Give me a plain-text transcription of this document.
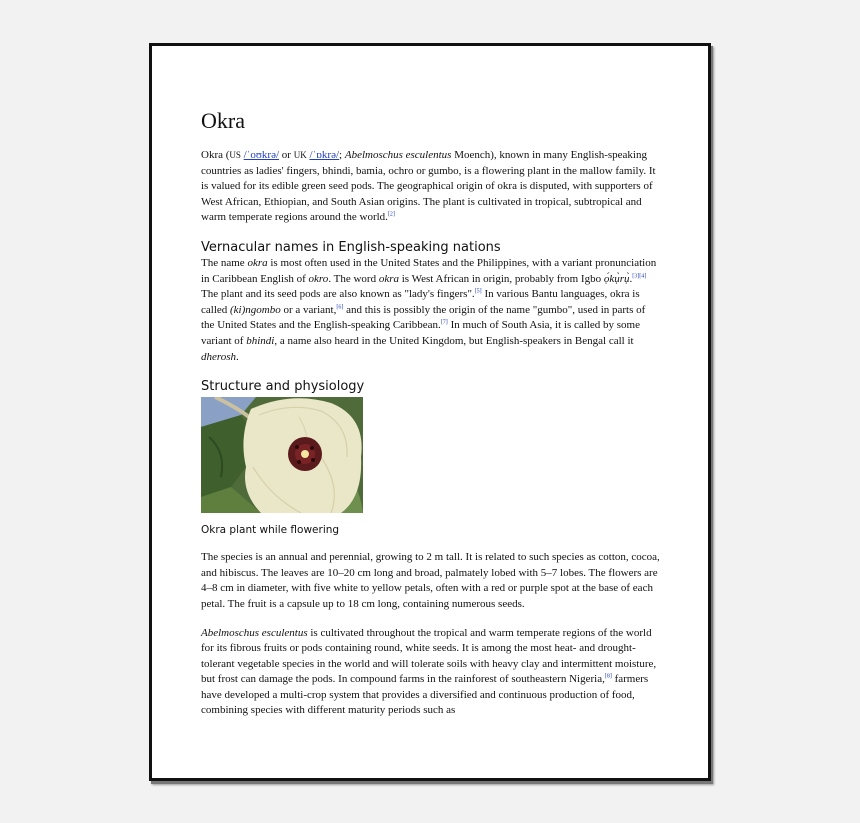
Okra

Okra (US /ˈoʊkrə/ or UK /ˈɒkrə/; Abelmoschus esculentus Moench), known in many English-speaking countries as ladies' fingers, bhindi, bamia, ochro or gumbo, is a flowering plant in the mallow family. It is valued for its edible green seed pods. The geographical origin of okra is disputed, with supporters of West African, Ethiopian, and South Asian origins. The plant is cultivated in tropical, subtropical and warm temperate regions around the world.[2]

Vernacular names in English-speaking nations

The name okra is most often used in the United States and the Philippines, with a variant pronunciation in Caribbean English of okro. The word okra is West African in origin, probably from Igbo ọ́kụ̀rụ̀.[3][4] The plant and its seed pods are also known as "lady's fingers".[5] In various Bantu languages, okra is called (ki)ngombo or a variant,[6] and this is possibly the origin of the name "gumbo", used in parts of the United States and the English-speaking Caribbean.[7] In much of South Asia, it is called by some variant of bhindi, a name also heard in the United Kingdom, but English-speakers in Bengal call it dherosh.

Structure and physiology
Okra plant while flowering

The species is an annual and perennial, growing to 2 m tall. It is related to such species as cotton, cocoa, and hibiscus. The leaves are 10–20 cm long and broad, palmately lobed with 5–7 lobes. The flowers are 4–8 cm in diameter, with five white to yellow petals, often with a red or purple spot at the base of each petal. The fruit is a capsule up to 18 cm long, containing numerous seeds.

Abelmoschus esculentus is cultivated throughout the tropical and warm temperate regions of the world for its fibrous fruits or pods containing round, white seeds. It is among the most heat- and drought-tolerant vegetable species in the world and will tolerate soils with heavy clay and intermittent moisture, but frost can damage the pods. In compound farms in the rainforest of southeastern Nigeria,[8] farmers have developed a multi-crop system that provides a diversified and continuous production of food, combining species with different maturity periods such as
